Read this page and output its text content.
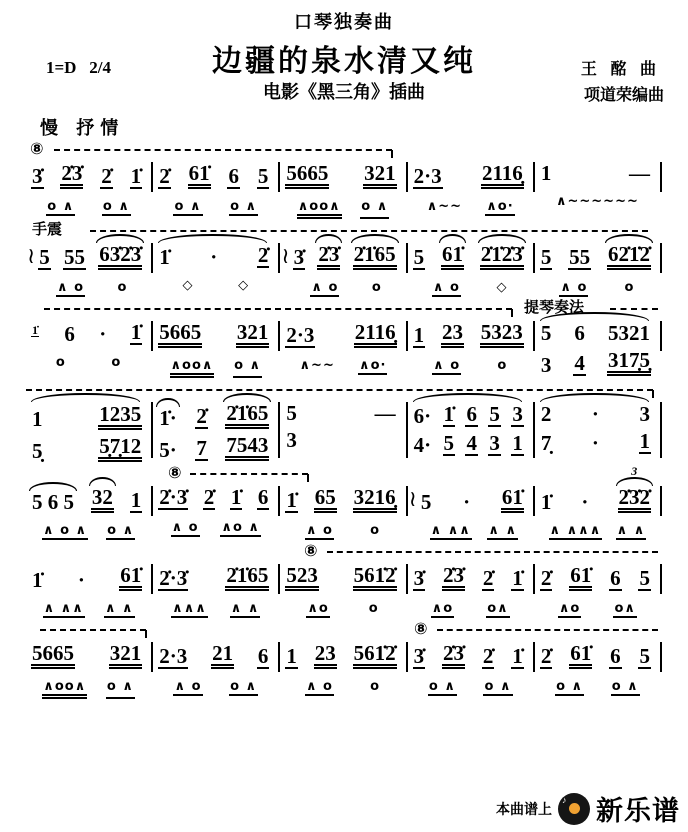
口琴独奏曲
边疆的泉水清又纯
电影《黑三角》插曲
1=D 2/4	王 酩 曲
项道荣编曲
慢 抒情
⑧
3̇ 2̇3̇ 2̇ 1̇
o ∧ o ∧
2̇ 61̇ 6 5
o ∧ o ∧
5665 321
∧oo∧ o ∧
2·3 2116̣
∧~~ ∧o·
1	—
∧~~~~~~
手震
≀ 5 55 63̇2̇3̇
∧ o	o
1̇ · 2̇
◇	◇
≀ 3̇ 2̇3̇ 2̇1̇65
∧ o	o
5 61̇ 2̇1̇2̇3̇
∧ o	◇
5 55 62̇1̇2̇
∧ o	o
提琴奏法
1̇ 6 · 1̇
o	o
5665 321
∧oo∧ o ∧
2·3 2116̣
∧~~ ∧o·
1 23 5323
∧ o	o
5 6 5321
3 4 317̣5̣
1	1235
5̣	5̣7̣12
1̇· 2̇ 2̇1̇65
5· 7 7543
5	—
3

6· 1̇ 6 5 3
4· 5 4 3 1
2 · 3
7̣ · 1
⑧
5 6 5 32 1
∧ o ∧ o ∧
2̇·3̇ 2̇ 1̇ 6
∧ o ∧o ∧
1̇ 65 3216̣
∧ o	o
≀ 5 · 61̇
∧ ∧∧ ∧ ∧
1̇ · 2̇3̇2̇
3
∧ ∧∧∧ ∧ ∧
⑧
1̇ · 61̇
∧ ∧∧ ∧ ∧
2̇·3̇ 2̇1̇65
∧∧∧ ∧ ∧
523 561̇2̇
∧o	o
3̇ 2̇3̇ 2̇ 1̇
∧o	o∧
2̇ 61̇ 6 5
∧o	o∧
⑧
5665 321
∧oo∧ o ∧
2·3 21 6
∧ o o ∧
1 23 561̇2̇
∧ o	o
3̇ 2̇3̇ 2̇ 1̇
o ∧ o ∧
2̇ 61̇ 6 5
o ∧ o ∧
本曲谱上 ♪ 新乐谱
